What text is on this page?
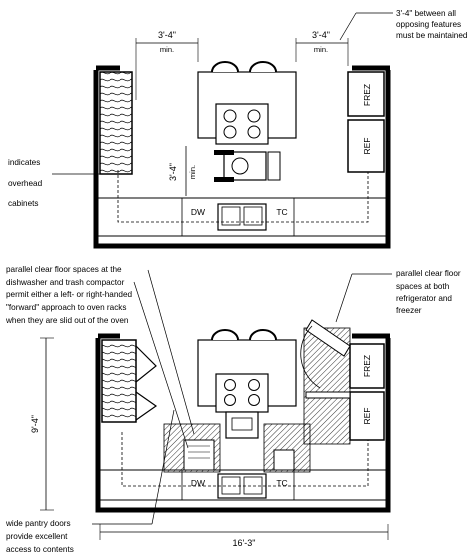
FREZ
REF
DW	TC
3'-4"
min.
3'-4"
min.
3'-4" min.
3'-4" between all
opposing features
must be maintained
indicates
overhead
cabinets
FREZ
REF
DW	TC
16'-3"
9'-4"
parallel clear floor spaces at the
dishwasher and trash compactor
permit either a left- or right-handed
"forward" approach to oven racks
when they are slid out of the oven
parallel clear floor
spaces at both
refrigerator and
freezer
wide pantry doors
provide excellent
access to contents
